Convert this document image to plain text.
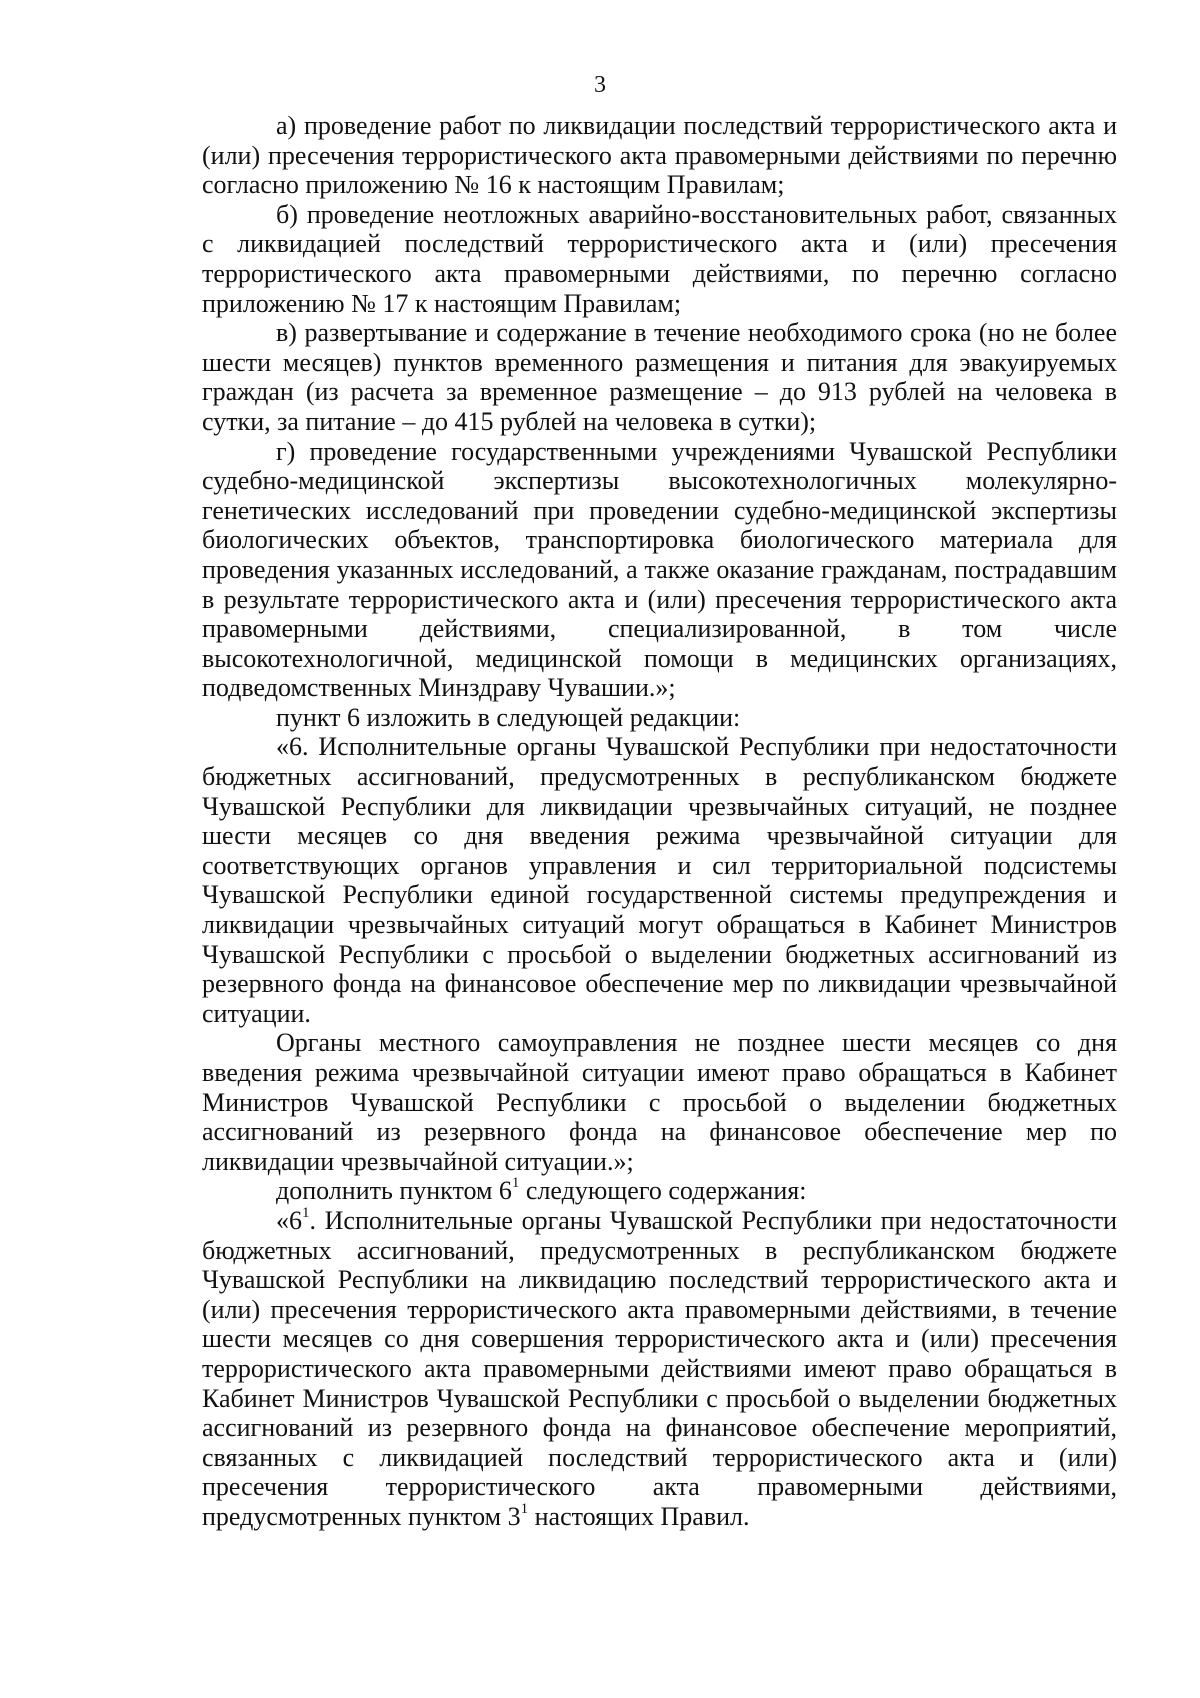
3

а) проведение работ по ликвидации последствий террористического акта и (или) пресечения террористического акта правомерными действиями по перечню согласно приложению № 16 к настоящим Правилам;

б) проведение неотложных аварийно-восстановительных работ, связанных с ликвидацией последствий террористического акта и (или) пресечения террористического акта правомерными действиями, по перечню согласно приложению № 17 к настоящим Правилам;

в) развертывание и содержание в течение необходимого срока (но не более шести месяцев) пунктов временного размещения и питания для эвакуируемых граждан (из расчета за временное размещение – до 913 рублей на человека в сутки, за питание – до 415 рублей на человека в сутки);

г) проведение государственными учреждениями Чувашской Республики судебно-медицинской экспертизы высокотехнологичных молекулярно-генетических исследований при проведении судебно-медицинской экспертизы биологических объектов, транспортировка биологического материала для проведения указанных исследований, а также оказание гражданам, пострадавшим в результате террористического акта и (или) пресечения террористического акта правомерными действиями, специализированной, в том числе высокотехнологичной, медицинской помощи в медицинских организациях, подведомственных Минздраву Чувашии.»;

пункт 6 изложить в следующей редакции:

«6. Исполнительные органы Чувашской Республики при недостаточности бюджетных ассигнований, предусмотренных в республиканском бюджете Чувашской Республики для ликвидации чрезвычайных ситуаций, не позднее шести месяцев со дня введения режима чрезвычайной ситуации для соответствующих органов управления и сил территориальной подсистемы Чувашской Республики единой государственной системы предупреждения и ликвидации чрезвычайных ситуаций могут обращаться в Кабинет Министров Чувашской Республики с просьбой о выделении бюджетных ассигнований из резервного фонда на финансовое обеспечение мер по ликвидации чрезвычайной ситуации.

Органы местного самоуправления не позднее шести месяцев со дня введения режима чрезвычайной ситуации имеют право обращаться в Кабинет Министров Чувашской Республики с просьбой о выделении бюджетных ассигнований из резервного фонда на финансовое обеспечение мер по ликвидации чрезвычайной ситуации.»;

дополнить пунктом $6^1$ следующего содержания:

«$6^1$. Исполнительные органы Чувашской Республики при недостаточности бюджетных ассигнований, предусмотренных в республиканском бюджете Чувашской Республики на ликвидацию последствий террористического акта и (или) пресечения террористического акта правомерными действиями, в течение шести месяцев со дня совершения террористического акта и (или) пресечения террористического акта правомерными действиями имеют право обращаться в Кабинет Министров Чувашской Республики с просьбой о выделении бюджетных ассигнований из резервного фонда на финансовое обеспечение мероприятий, связанных с ликвидацией последствий террористического акта и (или) пресечения террористического акта правомерными действиями, предусмотренных пунктом $3^1$ настоящих Правил.
